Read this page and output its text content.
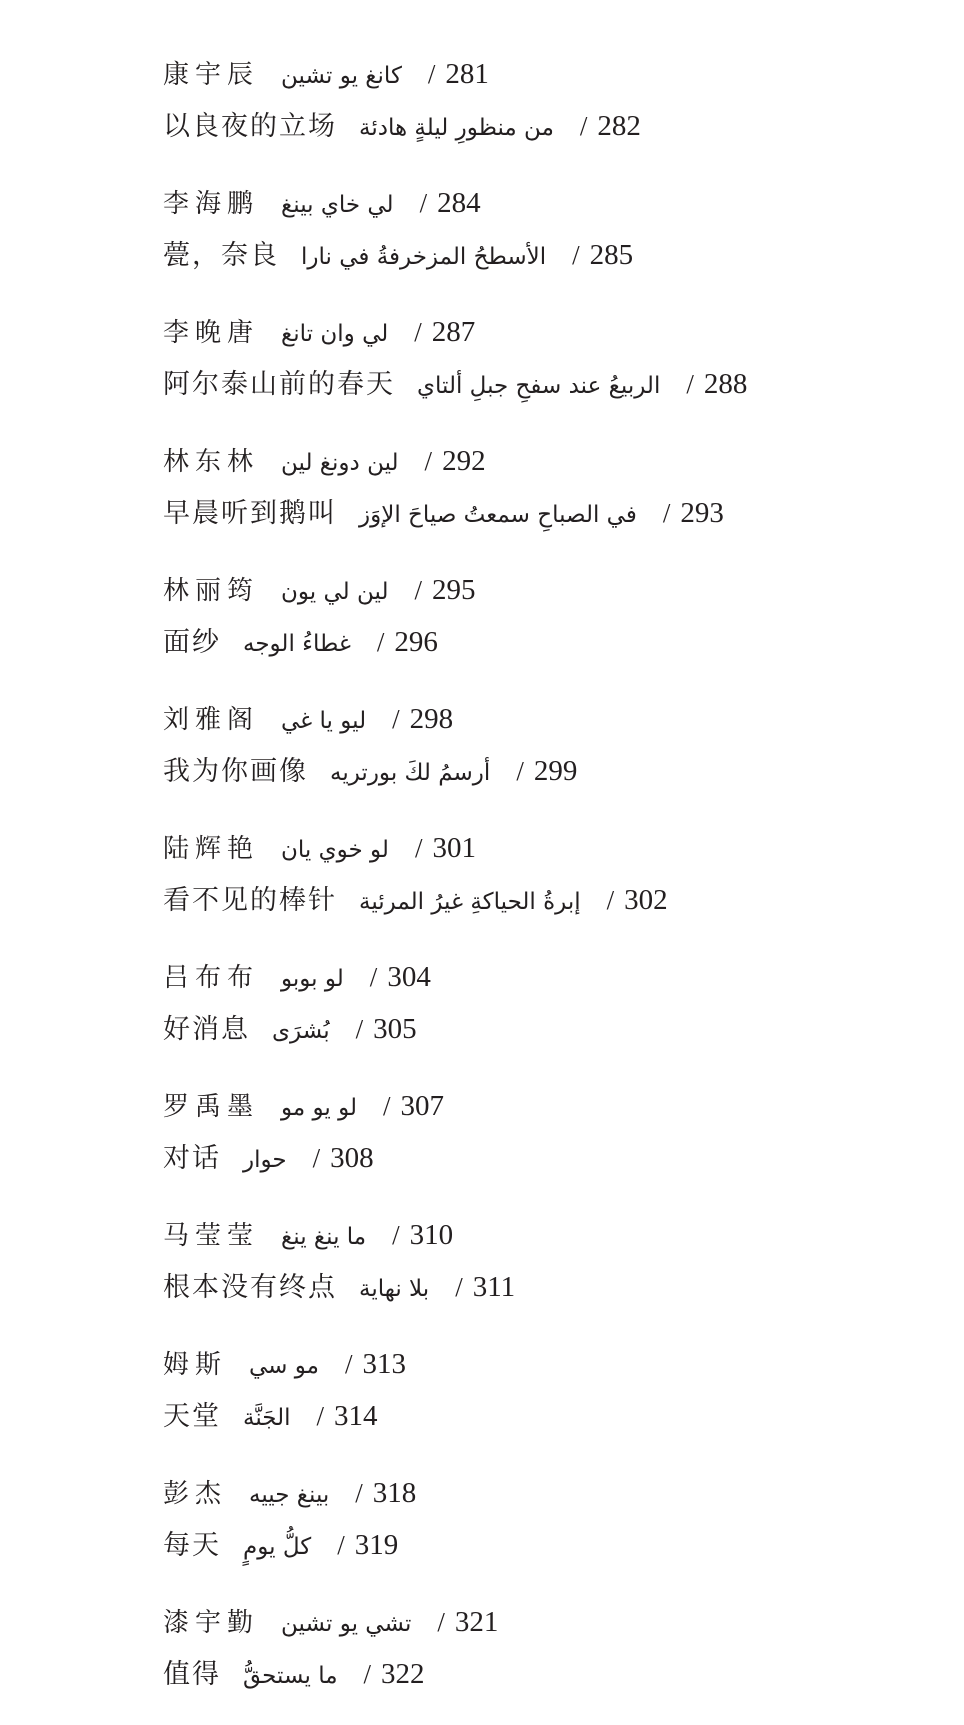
康宇辰 كانغ يو تشين / 281
以良夜的立场 من منظورِ ليلةٍ هادئة / 282
李海鹏 لي خاي بينغ / 284
甍，奈良 الأسطحُ المزخرفةُ في نارا / 285
李晚唐 لي وان تانغ / 287
阿尔泰山前的春天 الربيعُ عند سفحِ جبلِ ألتاي / 288
林东林 لين دونغ لين / 292
早晨听到鹅叫 في الصباحِ سمعتُ صياحَ الإوَز / 293
林丽筠 لين لي يون / 295
面纱 غطاءُ الوجه / 296
刘雅阁 ليو يا غي / 298
我为你画像 أرسمُ لكَ بورتريه / 299
陆辉艳 لو خوي يان / 301
看不见的棒针 إبرةُ الحياكةِ غيرُ المرئية / 302
吕布布 لو بوبو / 304
好消息 بُشرَى / 305
罗禹墨 لو يو مو / 307
对话 حوار / 308
马莹莹 ما ينغ ينغ / 310
根本没有终点 بلا نهاية / 311
姆斯 مو سي / 313
天堂 الجَنَّة / 314
彭杰 بينغ جييه / 318
每天 كلُّ يومٍ / 319
漆宇勤 تشي يو تشين / 321
值得 ما يستحقُّ / 322
